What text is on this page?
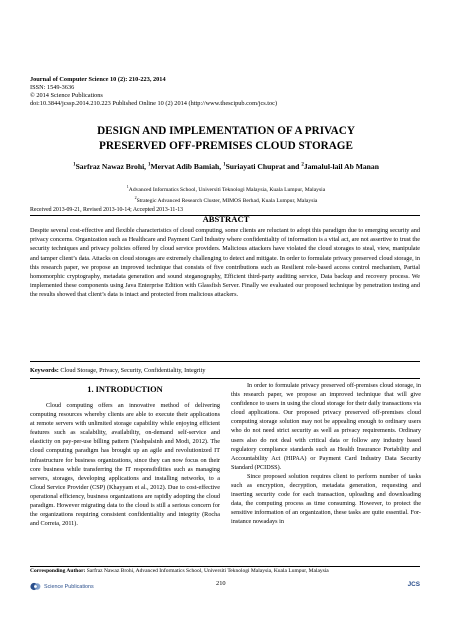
Journal of Computer Science 10 (2): 210-223, 2014
ISSN: 1549-3636
© 2014 Science Publications
doi:10.3844/jcssp.2014.210.223 Published Online 10 (2) 2014 (http://www.thescipub.com/jcs.toc)
DESIGN AND IMPLEMENTATION OF A PRIVACY
PRESERVED OFF-PREMISES CLOUD STORAGE
$^1$Sarfraz Nawaz Brohi, $^1$Mervat Adib Bamiah, $^1$Suriayati Chuprat and $^2$Jamalul-lail Ab Manan
$^1$Advanced Informatics School, Universiti Teknologi Malaysia, Kuala Lumpur, Malaysia
$^2$Strategic Advanced Research Cluster, MIMOS Berhad, Kuala Lumpur, Malaysia
Received 2013-09-21, Revised 2013-10-14; Accepted 2013-11-13
ABSTRACT
Despite several cost-effective and flexible characteristics of cloud computing, some clients are reluctant to adopt this paradigm due to emerging security and privacy concerns. Organization such as Healthcare and Payment Card Industry where confidentiality of information is a vital act, are not assertive to trust the security techniques and privacy policies offered by cloud service providers. Malicious attackers have violated the cloud storages to steal, view, manipulate and tamper client’s data. Attacks on cloud storages are extremely challenging to detect and mitigate. In order to formulate privacy preserved cloud storage, in this research paper, we propose an improved technique that consists of five contributions such as Resilient role-based access control mechanism, Partial homomorphic cryptography, metadata generation and sound steganography, Efficient third-party auditing service, Data backup and recovery process. We implemented these components using Java Enterprise Edition with Glassfish Server. Finally we evaluated our proposed technique by penetration testing and the results showed that client’s data is intact and protected from malicious attackers.
Keywords: Cloud Storage, Privacy, Security, Confidentiality, Integrity
1. INTRODUCTION

Cloud computing offers an innovative method of delivering computing resources whereby clients are able to execute their applications at remote servers with unlimited storage capability while enjoying efficient features such as scalability, availability, on-demand self-service and elasticity on pay-per-use billing pattern (Yashpalsinh and Modi, 2012). The cloud computing paradigm has brought up an agile and revolutionized IT infrastructure for business organizations, since they can now focus on their core business while transferring the IT responsibilities such as managing servers, storages, developing applications and installing networks, to a Cloud Service Provider (CSP) (Khayyam et al., 2012). Due to cost-effective operational efficiency, business organizations are rapidly adopting the cloud paradigm. However migrating data to the cloud is still a serious concern for the organizations requiring consistent confidentiality and integrity (Rocha and Correia, 2011).

In order to formulate privacy preserved off-premises cloud storage, in this research paper, we propose an improved technique that will give confidence to users in using the cloud storage for their daily transactions via cloud applications. Our proposed privacy preserved off-premises cloud computing storage solution may not be appealing enough to ordinary users who do not need strict security as well as privacy requirements. Ordinary users also do not deal with critical data or follow any industry based regulatory compliance standards such as Health Insurance Portability and Accountability Act (HIPAA) or Payment Card Industry Data Security Standard (PCIDSS).

Since proposed solution requires client to perform number of tasks such as encryption, decryption, metadata generation, requesting and inserting security code for each transaction, uploading and downloading data, the computing process as time consuming. However, to protect the sensitive information of an organization, these tasks are quite essential. For-instance nowadays in

Corresponding Author: Sarfraz Nawaz Brohi, Advanced Informatics School, Universiti Teknologi Malaysia, Kuala Lumpur, Malaysia
Science Publications	210	JCS
